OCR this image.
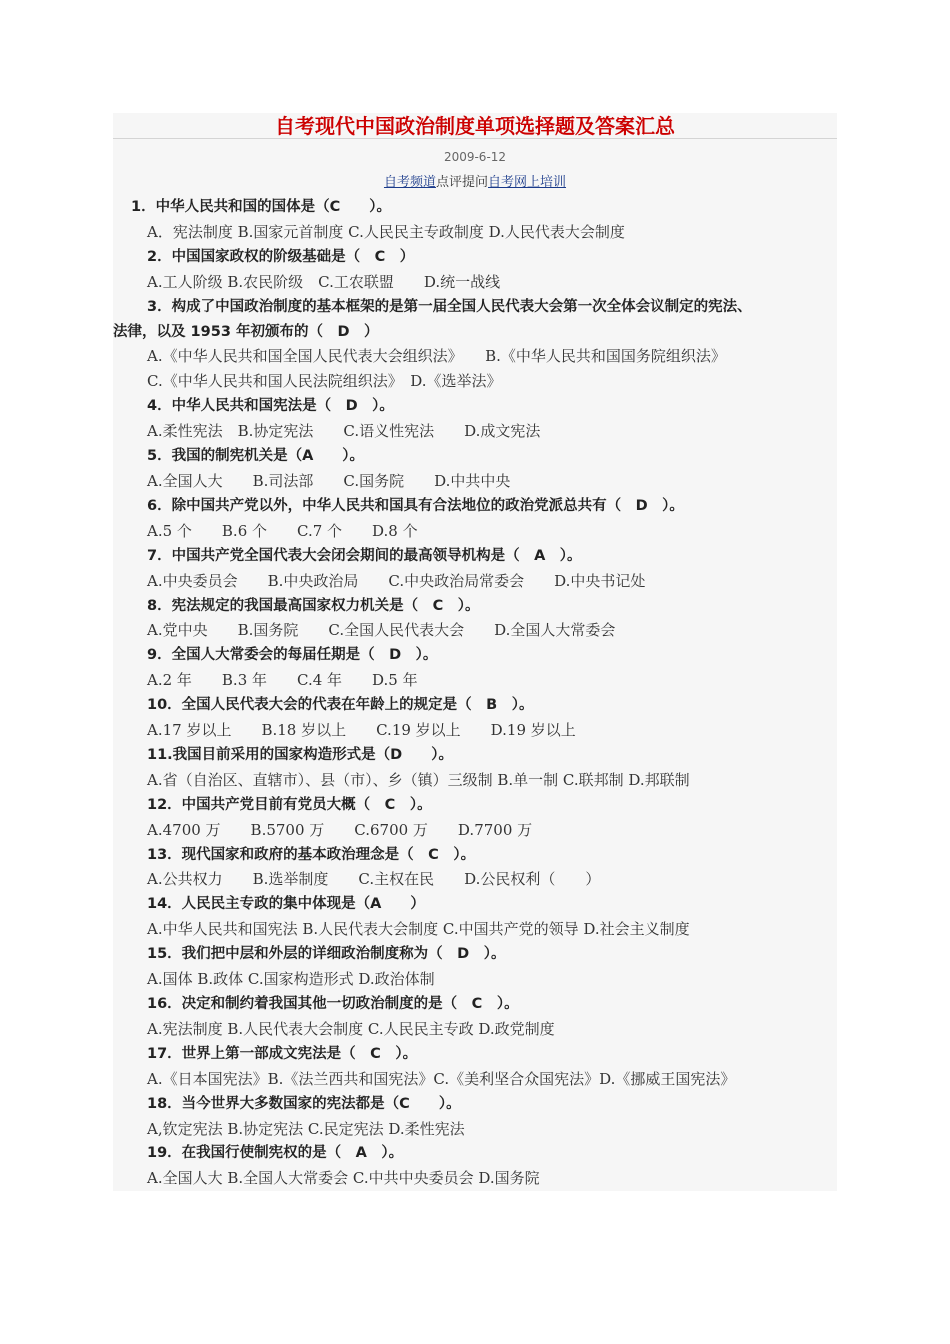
自考现代中国政治制度单项选择题及答案汇总
2009-6-12
自考频道点评提问自考网上培训
1．中华人民共和国的国体是（C　　）。
A．宪法制度 B.国家元首制度 C.人民民主专政制度 D.人民代表大会制度
2．中国国家政权的阶级基础是（　C　）
A.工人阶级 B.农民阶级　C.工农联盟　　D.统一战线
3．构成了中国政治制度的基本框架的是第一届全国人民代表大会第一次全体会议制定的宪法、
法律，以及 1953 年初颁布的（　D　）
A.《中华人民共和国全国人民代表大会组织法》　　B.《中华人民共和国国务院组织法》
C.《中华人民共和国人民法院组织法》　D.《选举法》
4．中华人民共和国宪法是（　D　）。
A.柔性宪法　B.协定宪法　　C.语义性宪法　　D.成文宪法
5．我国的制宪机关是（A　　）。
A.全国人大　　B.司法部　　C.国务院　　D.中共中央
6．除中国共产党以外，中华人民共和国具有合法地位的政治党派总共有（　D　）。
A.5 个　　B.6 个　　C.7 个　　D.8 个
7．中国共产党全国代表大会闭会期间的最高领导机构是（　A　）。
A.中央委员会　　B.中央政治局　　C.中央政治局常委会　　D.中央书记处
8．宪法规定的我国最高国家权力机关是（　C　）。
A.党中央　　B.国务院　　C.全国人民代表大会　　D.全国人大常委会
9．全国人大常委会的每届任期是（　D　）。
A.2 年　　B.3 年　　C.4 年　　D.5 年
10．全国人民代表大会的代表在年龄上的规定是（　B　）。
A.17 岁以上　　B.18 岁以上　　C.19 岁以上　　D.19 岁以上
11.我国目前采用的国家构造形式是（D　　）。
A.省（自治区、直辖市）、县（市）、乡（镇）三级制 B.单一制 C.联邦制 D.邦联制
12．中国共产党目前有党员大概（　C　）。
A.4700 万　　B.5700 万　　C.6700 万　　D.7700 万
13．现代国家和政府的基本政治理念是（　C　）。
A.公共权力　　B.选举制度　　C.主权在民　　D.公民权利（　　）
14．人民民主专政的集中体现是（A　　）
A.中华人民共和国宪法 B.人民代表大会制度 C.中国共产党的领导 D.社会主义制度
15．我们把中层和外层的详细政治制度称为（　D　）。
A.国体 B.政体 C.国家构造形式 D.政治体制
16．决定和制约着我国其他一切政治制度的是（　C　）。
A.宪法制度 B.人民代表大会制度 C.人民民主专政 D.政党制度
17．世界上第一部成文宪法是（　C　）。
A.《日本国宪法》B.《法兰西共和国宪法》C.《美利坚合众国宪法》D.《挪威王国宪法》
18．当今世界大多数国家的宪法都是（C　　）。
A,钦定宪法 B.协定宪法 C.民定宪法 D.柔性宪法
19．在我国行使制宪权的是（　A　）。
A.全国人大 B.全国人大常委会 C.中共中央委员会 D.国务院
